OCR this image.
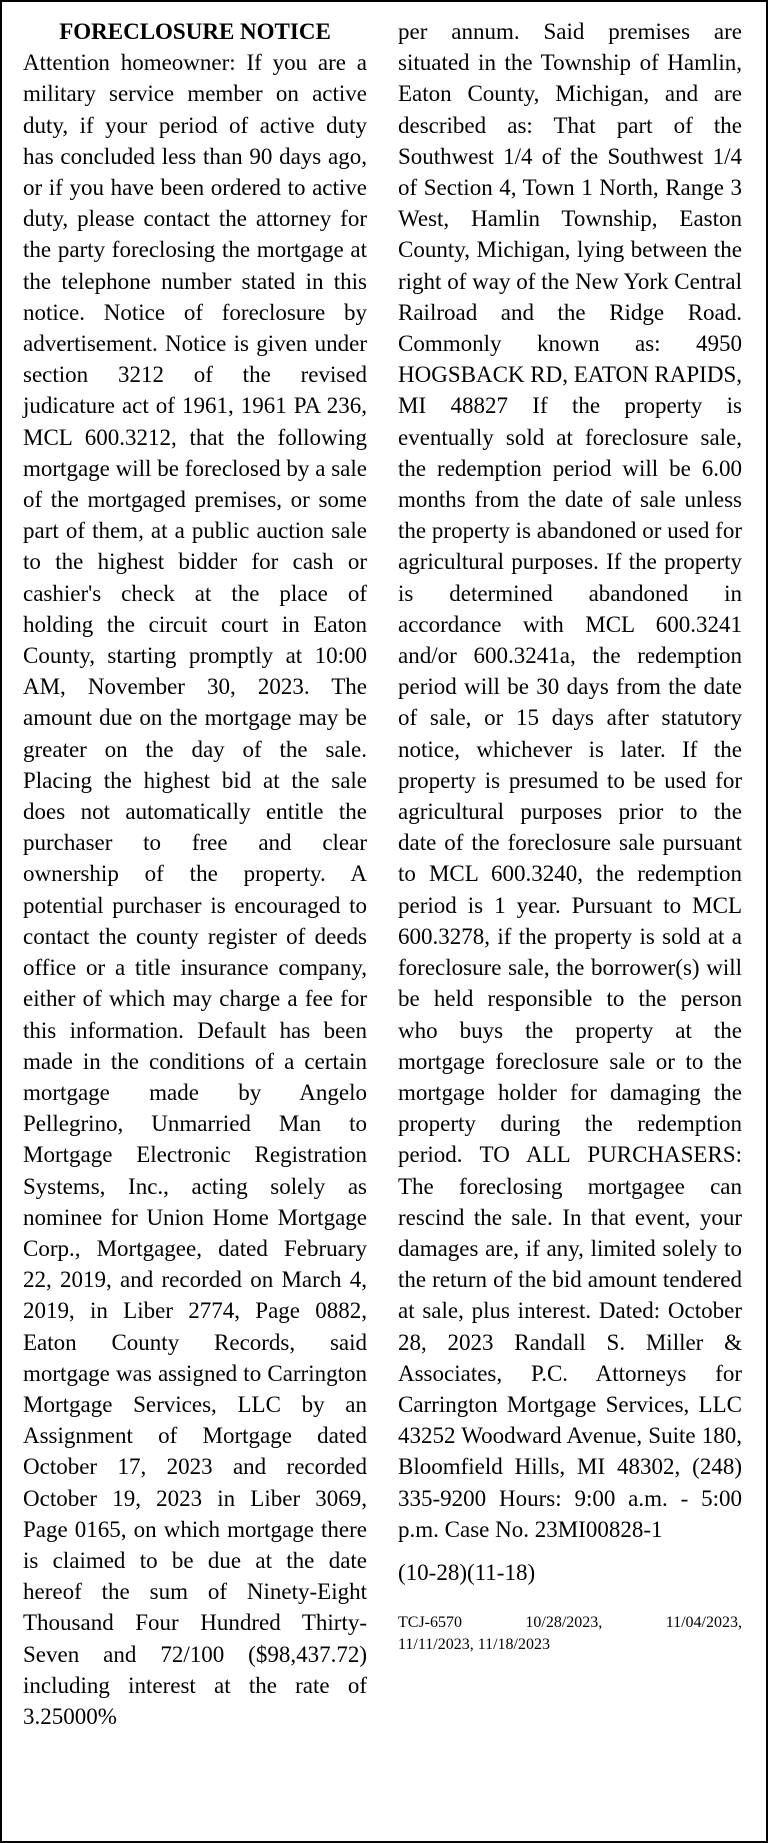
FORECLOSURE NOTICE

Attention homeowner: If you are a military service member on active duty, if your period of active duty has concluded less than 90 days ago, or if you have been ordered to active duty, please contact the attorney for the party foreclosing the mortgage at the telephone number stated in this notice. Notice of foreclosure by advertisement. Notice is given under section 3212 of the revised judicature act of 1961, 1961 PA 236, MCL 600.3212, that the following mortgage will be foreclosed by a sale of the mortgaged premises, or some part of them, at a public auction sale to the highest bidder for cash or cashier's check at the place of holding the circuit court in Eaton County, starting promptly at 10:00 AM, November 30, 2023. The amount due on the mortgage may be greater on the day of the sale. Placing the highest bid at the sale does not automatically entitle the purchaser to free and clear ownership of the property. A potential purchaser is encouraged to contact the county register of deeds office or a title insurance company, either of which may charge a fee for this information. Default has been made in the conditions of a certain mortgage made by Angelo Pellegrino, Unmarried Man to Mortgage Electronic Registration Systems, Inc., acting solely as nominee for Union Home Mortgage Corp., Mortgagee, dated February 22, 2019, and recorded on March 4, 2019, in Liber 2774, Page 0882, Eaton County Records, said mortgage was assigned to Carrington Mortgage Services, LLC by an Assignment of Mortgage dated October 17, 2023 and recorded October 19, 2023 in Liber 3069, Page 0165, on which mortgage there is claimed to be due at the date hereof the sum of Ninety-Eight Thousand Four Hundred Thirty-Seven and 72/100 ($98,437.72) including interest at the rate of 3.25000%

per annum. Said premises are situated in the Township of Hamlin, Eaton County, Michigan, and are described as: That part of the Southwest 1/4 of the Southwest 1/4 of Section 4, Town 1 North, Range 3 West, Hamlin Township, Easton County, Michigan, lying between the right of way of the New York Central Railroad and the Ridge Road. Commonly known as: 4950 HOGSBACK RD, EATON RAPIDS, MI 48827 If the property is eventually sold at foreclosure sale, the redemption period will be 6.00 months from the date of sale unless the property is abandoned or used for agricultural purposes. If the property is determined abandoned in accordance with MCL 600.3241 and/or 600.3241a, the redemption period will be 30 days from the date of sale, or 15 days after statutory notice, whichever is later. If the property is presumed to be used for agricultural purposes prior to the date of the foreclosure sale pursuant to MCL 600.3240, the redemption period is 1 year. Pursuant to MCL 600.3278, if the property is sold at a foreclosure sale, the borrower(s) will be held responsible to the person who buys the property at the mortgage foreclosure sale or to the mortgage holder for damaging the property during the redemption period. TO ALL PURCHASERS: The foreclosing mortgagee can rescind the sale. In that event, your damages are, if any, limited solely to the return of the bid amount tendered at sale, plus interest. Dated: October 28, 2023 Randall S. Miller & Associates, P.C. Attorneys for Carrington Mortgage Services, LLC 43252 Woodward Avenue, Suite 180, Bloomfield Hills, MI 48302, (248) 335-9200 Hours: 9:00 a.m. - 5:00 p.m. Case No. 23MI00828-1

(10-28)(11-18)

TCJ-6570	10/28/2023,	11/04/2023,
11/11/2023, 11/18/2023
